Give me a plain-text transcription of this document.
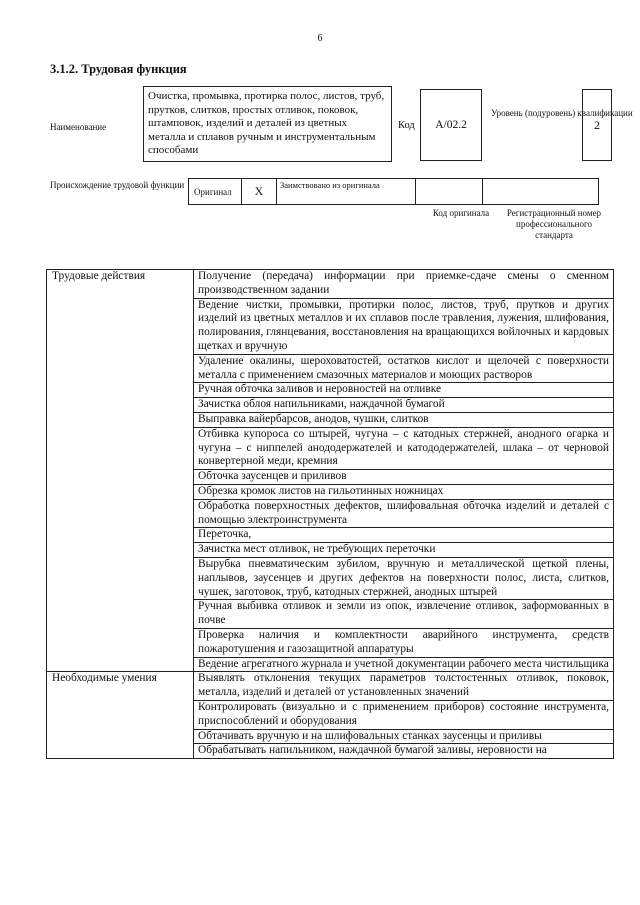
6
3.1.2. Трудовая функция
Наименование
Очистка, промывка, протирка полос, листов, труб, прутков, слитков, простых отливок, поковок, штамповок, изделий и деталей из цветных металла и сплавов ручным и инструментальным способами
Код	A/02.2
Уровень (подуровень) квалификации
2
Происхождение трудовой функции
Оригинал	X	Заимствовано из оригинала
Код оригинала	Регистрационный номер профессионального стандарта
Трудовые действия	Получение (передача) информации при приемке-сдаче смены о сменном производственном задании
	Ведение чистки, промывки, протирки полос, листов, труб, прутков и других изделий из цветных металлов и их сплавов после травления, лужения, шлифования, полирования, глянцевания, восстановления на вращающихся войлочных и кардовых щетках и вручную
	Удаление окалины, шероховатостей, остатков кислот и щелочей с поверхности металла с применением смазочных материалов и моющих растворов
	Ручная обточка заливов и неровностей на отливке
	Зачистка облоя напильниками, наждачной бумагой
	Выправка вайербарсов, анодов, чушки, слитков
	Отбивка купороса со штырей, чугуна – с катодных стержней, анодного огарка и чугуна – с ниппелей анододержателей и катододержателей, шлака – от черновой конвертерной меди, кремния
	Обточка заусенцев и приливов
	Обрезка кромок листов на гильотинных ножницах
	Обработка поверхностных дефектов, шлифовальная обточка изделий и деталей с помощью электроинструмента
	Переточка,
	Зачистка мест отливок, не требующих переточки
	Вырубка пневматическим зубилом, вручную и металлической щеткой плены, наплывов, заусенцев и других дефектов на поверхности полос, листа, слитков, чушек, заготовок, труб, катодных стержней, анодных штырей
	Ручная выбивка отливок и земли из опок, извлечение отливок, заформованных в почве
	Проверка наличия и комплектности аварийного инструмента, средств пожаротушения и газозащитной аппаратуры
	Ведение агрегатного журнала и учетной документации рабочего места чистильщика
Необходимые умения	Выявлять отклонения текущих параметров толстостенных отливок, поковок, металла, изделий и деталей от установленных значений
	Контролировать (визуально и с применением приборов) состояние инструмента, приспособлений и оборудования
	Обтачивать вручную и на шлифовальных станках заусенцы и приливы
	Обрабатывать напильником, наждачной бумагой заливы, неровности на
